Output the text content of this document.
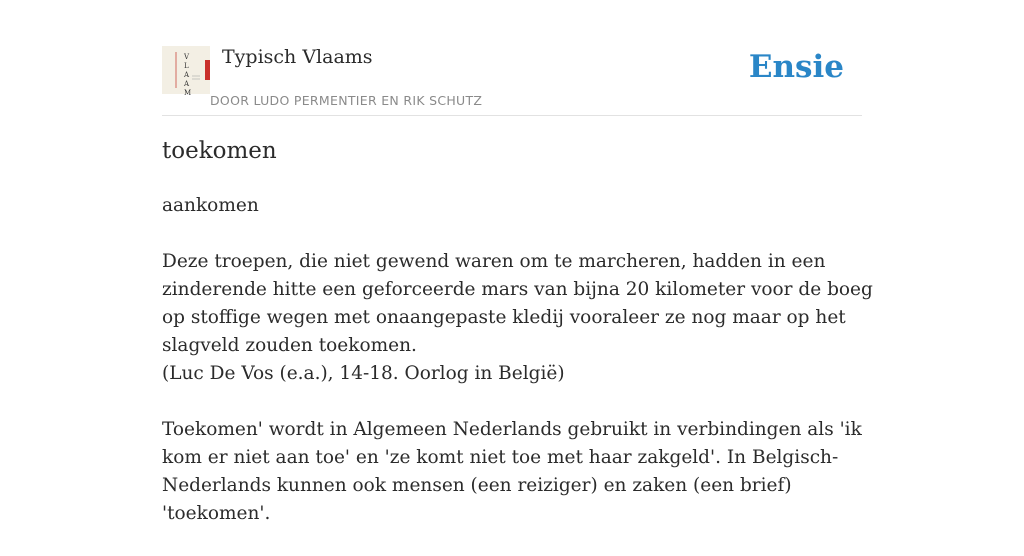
V
L
A
A
M
Typisch Vlaams
DOOR LUDO PERMENTIER EN RIK SCHUTZ
Ensie
toekomen

aankomen

Deze troepen, die niet gewend waren om te marcheren, hadden in een zinderende hitte een geforceerde mars van bijna 20 kilometer voor de boeg op stoffige wegen met onaangepaste kledij vooraleer ze nog maar op het slagveld zouden toekomen.

(Luc De Vos (e.a.), 14-18. Oorlog in België)

Toekomen' wordt in Algemeen Nederlands gebruikt in verbindingen als 'ik kom er niet aan toe' en 'ze komt niet toe met haar zakgeld'. In Belgisch-Nederlands kunnen ook mensen (een reiziger) en zaken (een brief) 'toekomen'.
